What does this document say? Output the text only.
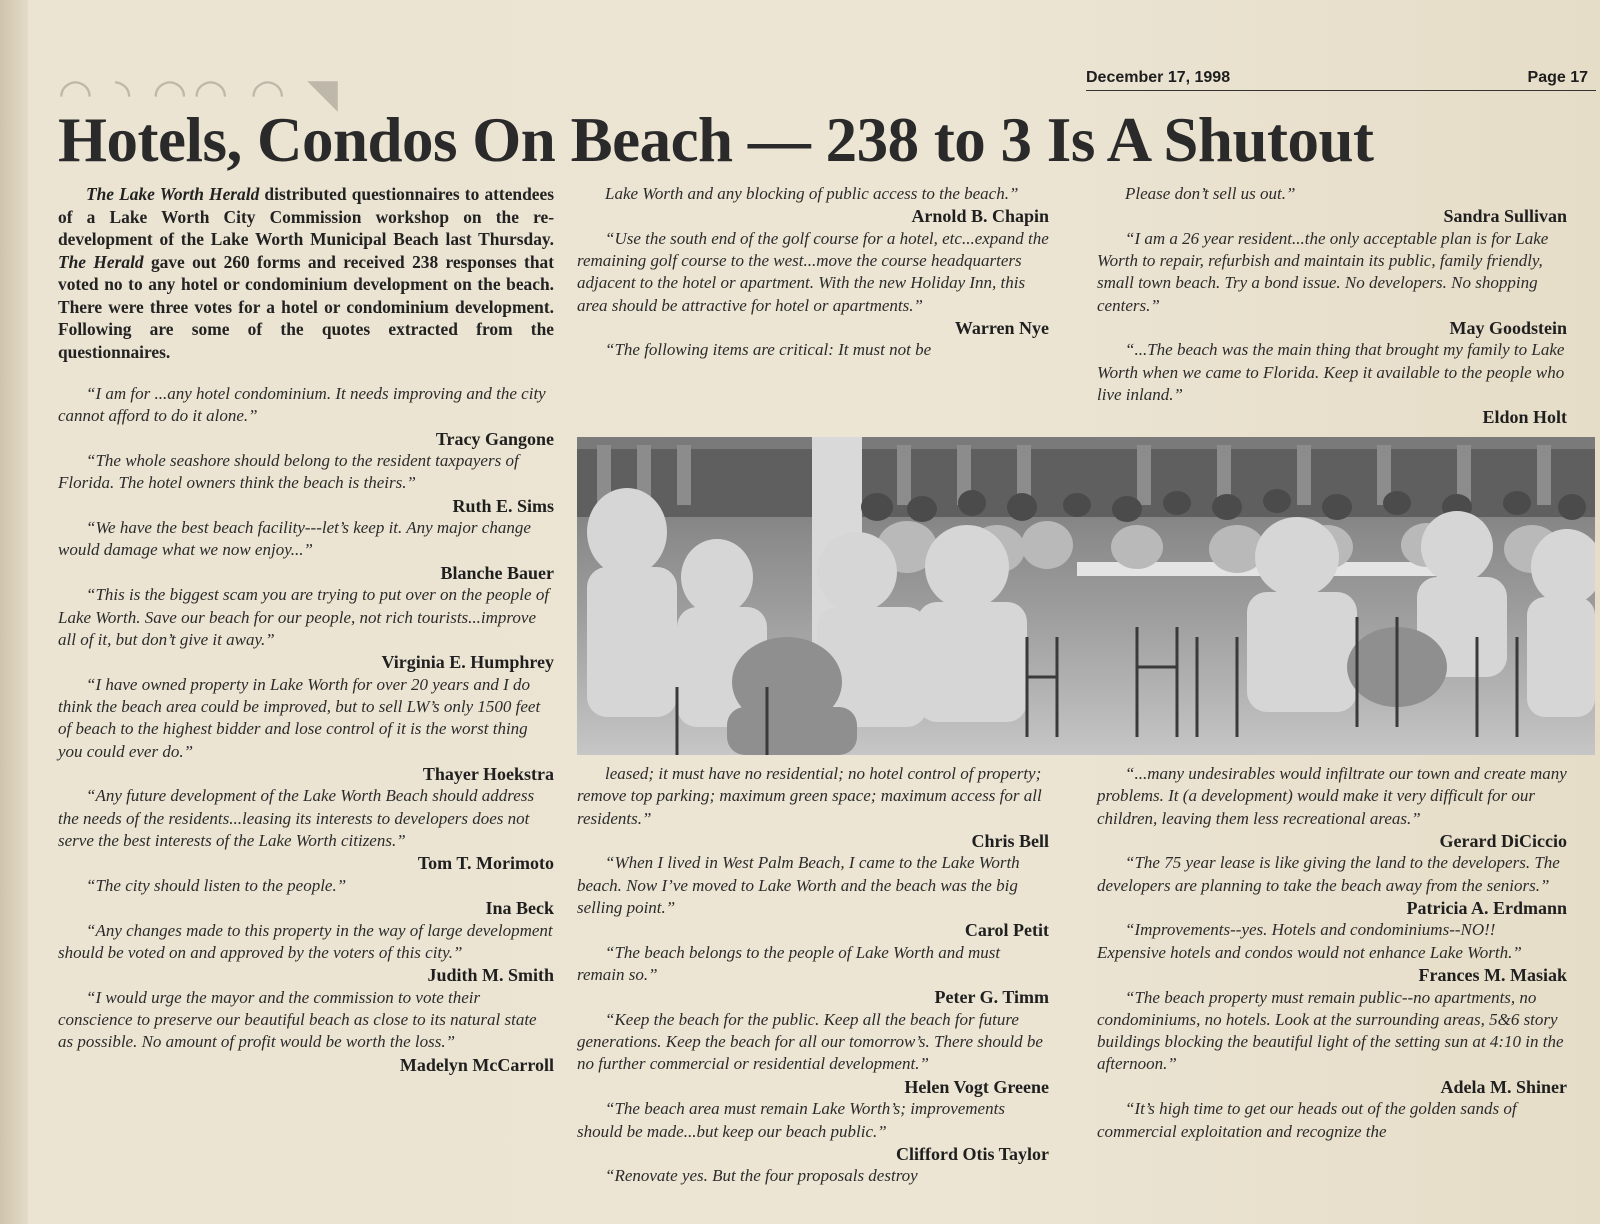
◠ ◝ ◠◠ ◠ ◥	December 17, 1998	Page 17
Hotels, Condos On Beach — 238 to 3 Is A Shutout

The Lake Worth Herald distributed questionnaires to attendees of a Lake Worth City Commission workshop on the re-development of the Lake Worth Municipal Beach last Thursday. The Herald gave out 260 forms and received 238 responses that voted no to any hotel or condominium development on the beach. There were three votes for a hotel or condominium development. Following are some of the quotes extracted from the questionnaires.

“I am for ...any hotel condominium. It needs improving and the city cannot afford to do it alone.”

Tracy Gangone

“The whole seashore should belong to the resident taxpayers of Florida. The hotel owners think the beach is theirs.”

Ruth E. Sims

“We have the best beach facility---let’s keep it. Any major change would damage what we now enjoy...”

Blanche Bauer

“This is the biggest scam you are trying to put over on the people of Lake Worth. Save our beach for our people, not rich tourists...improve all of it, but don’t give it away.”

Virginia E. Humphrey

“I have owned property in Lake Worth for over 20 years and I do think the beach area could be improved, but to sell LW’s only 1500 feet of beach to the highest bidder and lose control of it is the worst thing you could ever do.”

Thayer Hoekstra

“Any future development of the Lake Worth Beach should address the needs of the residents...leasing its interests to developers does not serve the best interests of the Lake Worth citizens.”

Tom T. Morimoto

“The city should listen to the people.”

Ina Beck

“Any changes made to this property in the way of large development should be voted on and approved by the voters of this city.”

Judith M. Smith

“I would urge the mayor and the commission to vote their conscience to preserve our beautiful beach as close to its natural state as possible. No amount of profit would be worth the loss.”

Madelyn McCarroll

Lake Worth and any blocking of public access to the beach.”

Arnold B. Chapin

“Use the south end of the golf course for a hotel, etc...expand the remaining golf course to the west...move the course headquarters adjacent to the hotel or apartment. With the new Holiday Inn, this area should be attractive for hotel or apartments.”

Warren Nye

“The following items are critical: It must not be

Please don’t sell us out.”

Sandra Sullivan

“I am a 26 year resident...the only acceptable plan is for Lake Worth to repair, refurbish and maintain its public, family friendly, small town beach. Try a bond issue. No developers. No shopping centers.”

May Goodstein

“...The beach was the main thing that brought my family to Lake Worth when we came to Florida. Keep it available to the people who live inland.”

Eldon Holt

leased; it must have no residential; no hotel control of property; remove top parking; maximum green space; maximum access for all residents.”

Chris Bell

“When I lived in West Palm Beach, I came to the Lake Worth beach. Now I’ve moved to Lake Worth and the beach was the big selling point.”

Carol Petit

“The beach belongs to the people of Lake Worth and must remain so.”

Peter G. Timm

“Keep the beach for the public. Keep all the beach for future generations. Keep the beach for all our tomorrow’s. There should be no further commercial or residential development.”

Helen Vogt Greene

“The beach area must remain Lake Worth’s; improvements should be made...but keep our beach public.”

Clifford Otis Taylor

“Renovate yes. But the four proposals destroy

“...many undesirables would infiltrate our town and create many problems. It (a development) would make it very difficult for our children, leaving them less recreational areas.”

Gerard DiCiccio

“The 75 year lease is like giving the land to the developers. The developers are planning to take the beach away from the seniors.”

Patricia A. Erdmann

“Improvements--yes. Hotels and condominiums--NO!! Expensive hotels and condos would not enhance Lake Worth.”

Frances M. Masiak

“The beach property must remain public--no apartments, no condominiums, no hotels. Look at the surrounding areas, 5&6 story buildings blocking the beautiful light of the setting sun at 4:10 in the afternoon.”

Adela M. Shiner

“It’s high time to get our heads out of the golden sands of commercial exploitation and recognize the
